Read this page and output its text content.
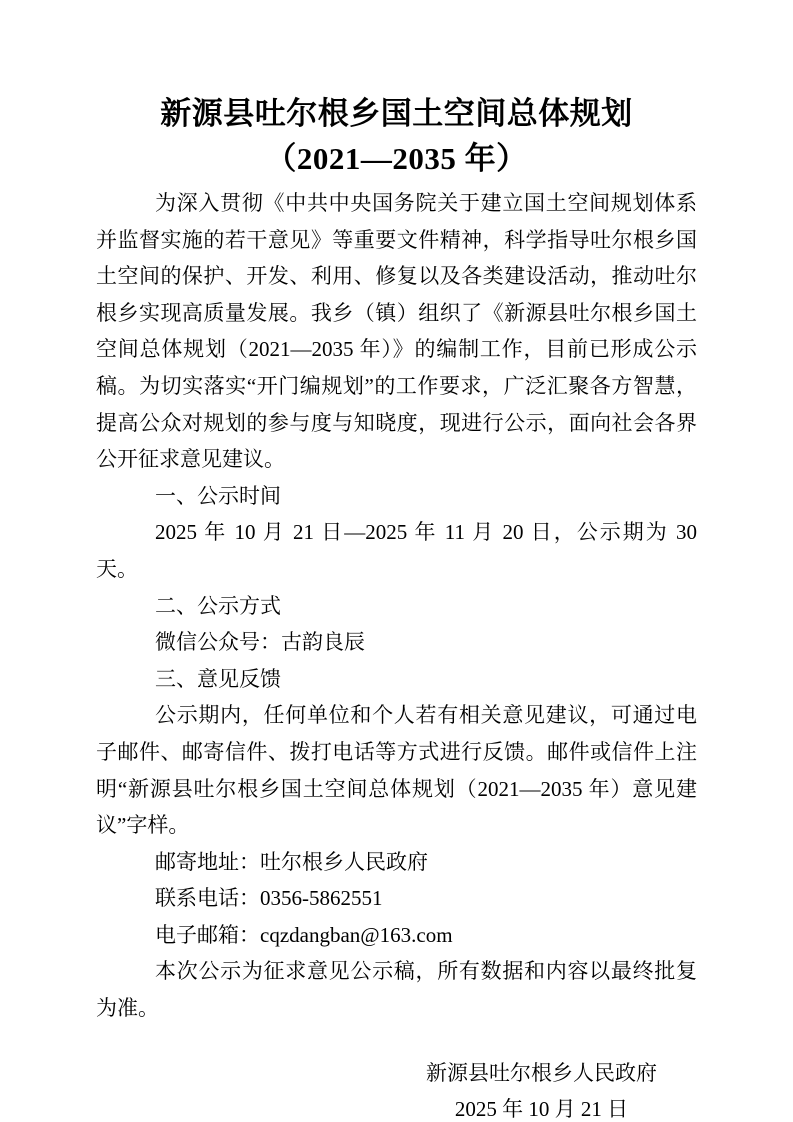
新源县吐尔根乡国土空间总体规划
（2021—2035 年）

为深入贯彻《中共中央国务院关于建立国土空间规划体系并监督实施的若干意见》等重要文件精神，科学指导吐尔根乡国土空间的保护、开发、利用、修复以及各类建设活动，推动吐尔根乡实现高质量发展。我乡（镇）组织了《新源县吐尔根乡国土空间总体规划（2021—2035 年）》的编制工作，目前已形成公示稿。为切实落实“开门编规划”的工作要求，广泛汇聚各方智慧，提高公众对规划的参与度与知晓度，现进行公示，面向社会各界公开征求意见建议。

一、公示时间

2025 年 10 月 21 日—2025 年 11 月 20 日，公示期为 30 天。

二、公示方式

微信公众号：古韵良辰

三、意见反馈

公示期内，任何单位和个人若有相关意见建议，可通过电子邮件、邮寄信件、拨打电话等方式进行反馈。邮件或信件上注明“新源县吐尔根乡国土空间总体规划（2021—2035 年）意见建议”字样。

邮寄地址：吐尔根乡人民政府

联系电话：0356-5862551

电子邮箱：cqzdangban@163.com

本次公示为征求意见公示稿，所有数据和内容以最终批复为准。

新源县吐尔根乡人民政府
2025 年 10 月 21 日
